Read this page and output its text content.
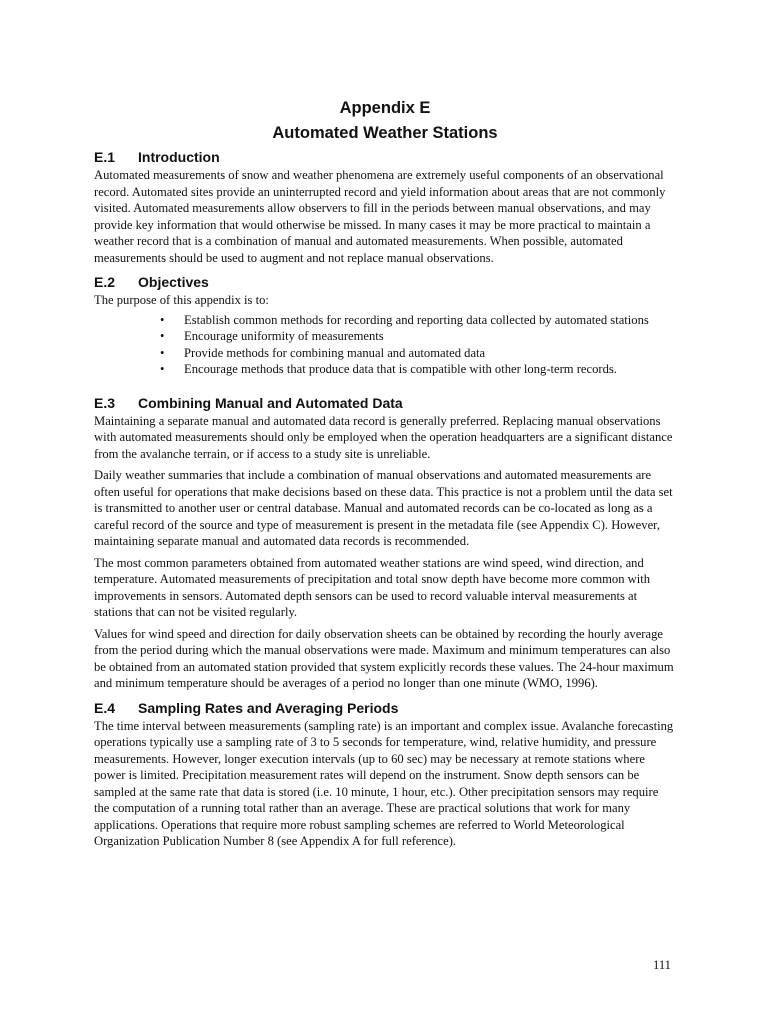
Appendix E
Automated Weather Stations
E.1 Introduction

Automated measurements of snow and weather phenomena are extremely useful components of an observational record. Automated sites provide an uninterrupted record and yield information about areas that are not commonly visited. Automated measurements allow observers to fill in the periods between manual observations, and may provide key information that would otherwise be missed. In many cases it may be more practical to maintain a weather record that is a combination of manual and automated measurements. When possible, automated measurements should be used to augment and not replace manual observations.

E.2 Objectives

The purpose of this appendix is to:

• Establish common methods for recording and reporting data collected by automated stations
• Encourage uniformity of measurements
• Provide methods for combining manual and automated data
• Encourage methods that produce data that is compatible with other long-term records.
E.3 Combining Manual and Automated Data

Maintaining a separate manual and automated data record is generally preferred. Replacing manual observations with automated measurements should only be employed when the operation headquarters are a significant distance from the avalanche terrain, or if access to a study site is unreliable.

Daily weather summaries that include a combination of manual observations and automated measurements are often useful for operations that make decisions based on these data. This practice is not a problem until the data set is transmitted to another user or central database. Manual and automated records can be co-located as long as a careful record of the source and type of measurement is present in the metadata file (see Appendix C). However, maintaining separate manual and automated data records is recommended.

The most common parameters obtained from automated weather stations are wind speed, wind direction, and temperature. Automated measurements of precipitation and total snow depth have become more common with improvements in sensors. Automated depth sensors can be used to record valuable interval measurements at stations that can not be visited regularly.

Values for wind speed and direction for daily observation sheets can be obtained by recording the hourly average from the period during which the manual observations were made. Maximum and minimum temperatures can also be obtained from an automated station provided that system explicitly records these values. The 24-hour maximum and minimum temperature should be averages of a period no longer than one minute (WMO, 1996).

E.4 Sampling Rates and Averaging Periods

The time interval between measurements (sampling rate) is an important and complex issue. Avalanche forecasting operations typically use a sampling rate of 3 to 5 seconds for temperature, wind, relative humidity, and pressure measurements. However, longer execution intervals (up to 60 sec) may be necessary at remote stations where power is limited. Precipitation measurement rates will depend on the instrument. Snow depth sensors can be sampled at the same rate that data is stored (i.e. 10 minute, 1 hour, etc.). Other precipitation sensors may require the computation of a running total rather than an average. These are practical solutions that work for many applications. Operations that require more robust sampling schemes are referred to World Meteorological Organization Publication Number 8 (see Appendix A for full reference).

111
